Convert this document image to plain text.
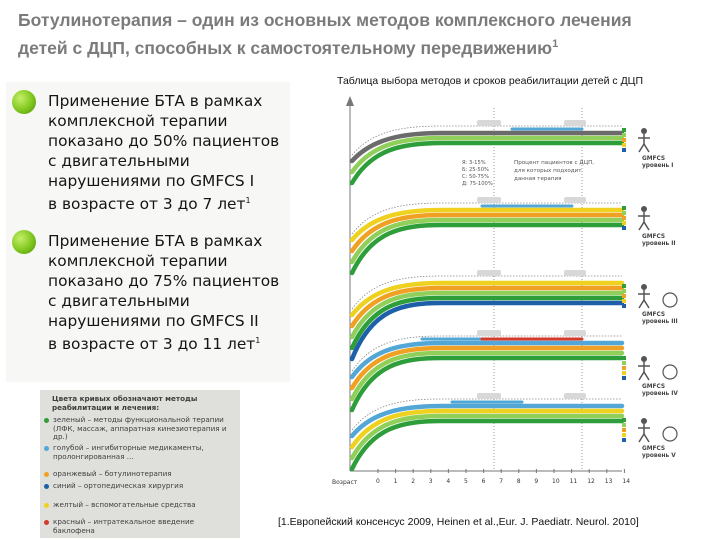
Ботулинотерапия – один из основных методов комплексного лечения
детей с ДЦП, способных к самостоятельному передвижению$^1$

Применение БТА в рамках
комплексной терапии
показано до 50% пациентов
с двигательными
нарушениями по GMFCS I
в возрасте от 3 до 7 лет$^1$

Применение БТА в рамках
комплексной терапии
показано до 75% пациентов
с двигательными
нарушениями по GMFCS II
в возрасте от 3 до 11 лет$^1$

Цвета кривых обозначают методы реабилитации и лечения:
зеленый – методы функциональной терапии (ЛФК, массаж, аппаратная кинезиотерапия и др.)
голубой – ингибиторные медикаменты, пролонгированная ...
оранжевый – ботулинотерапия
синий – ортопедическая хирургия
желтый – вспомогательные средства
красный – интратекальное введение баклофена
Таблица выбора методов и сроков реабилитации детей с ДЦП
Возраст	0 1 2 3 4 5 6 7 8 9 10 11 12 13 14
Я: 3-15%
Б: 25-50%
С: 50-75%
Д: 75-100%
Процент пациентов с ДЦП,
для которых подходит
данная терапия
GMFCS
уровень I
GMFCS
уровень II
GMFCS
уровень III
GMFCS
уровень IV
GMFCS
уровень V
[1.Европейский консенсус 2009, Heinen et al.,Eur. J. Paediatr. Neurol. 2010]
